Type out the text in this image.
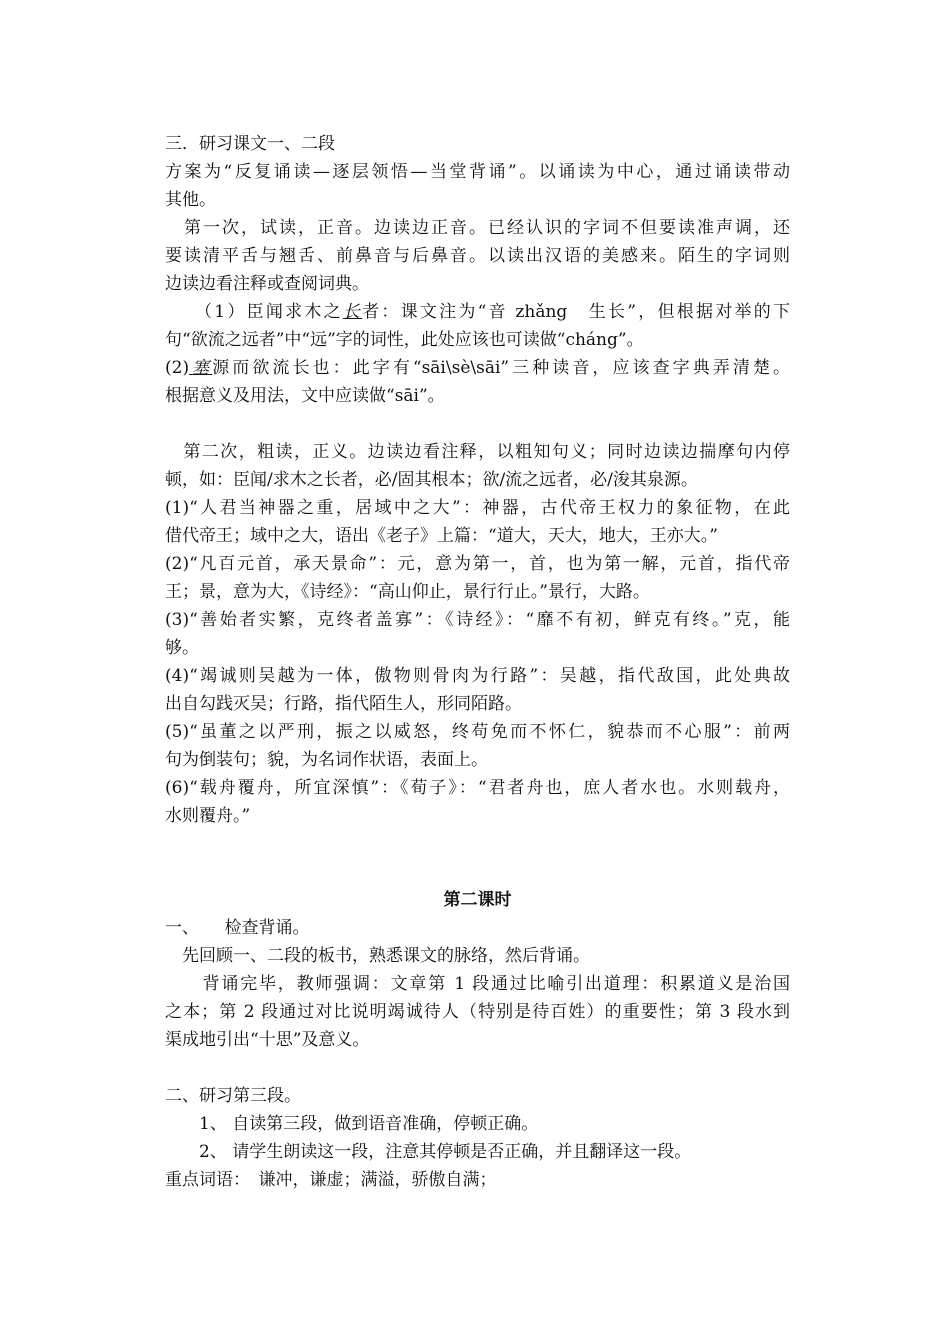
三．研习课文一、二段
方案为“反复诵读—逐层领悟—当堂背诵”。以诵读为中心，通过诵读带动
其他。
　第一次，试读，正音。边读边正音。已经认识的字词不但要读准声调，还
要读清平舌与翘舌、前鼻音与后鼻音。以读出汉语的美感来。陌生的字词则
边读边看注释或查阅词典。
　　（1）臣闻求木之长者：课文注为“音 zhǎng　生长”，但根据对举的下
句“欲流之远者”中“远”字的词性，此处应该也可读做“cháng”。
(2)塞源而欲流长也：此字有“sāi\sè\sāi”三种读音，应该查字典弄清楚。
根据意义及用法，文中应读做“sāi”。
　第二次，粗读，正义。边读边看注释，以粗知句义；同时边读边揣摩句内停
顿，如：臣闻/求木之长者，必/固其根本；欲/流之远者，必/浚其泉源。
(1)“人君当神器之重，居域中之大”：神器，古代帝王权力的象征物，在此
借代帝王；域中之大，语出《老子》上篇：“道大，天大，地大，王亦大。”
(2)“凡百元首，承天景命”：元，意为第一，首，也为第一解，元首，指代帝
王；景，意为大，《诗经》：“高山仰止，景行行止。”景行，大路。
(3)“善始者实繁，克终者盖寡”：《诗经》：“靡不有初，鲜克有终。”克，能
够。
(4)“竭诚则吴越为一体，傲物则骨肉为行路”：吴越，指代敌国，此处典故
出自勾践灭吴；行路，指代陌生人，形同陌路。
(5)“虽董之以严刑，振之以威怒，终苟免而不怀仁，貌恭而不心服”：前两
句为倒装句；貌，为名词作状语，表面上。
(6)“载舟覆舟，所宜深慎”：《荀子》：“君者舟也，庶人者水也。水则载舟，
水则覆舟。”
第二课时
一、　　检查背诵。
　先回顾一、二段的板书，熟悉课文的脉络，然后背诵。
　　背诵完毕，教师强调：文章第 1 段通过比喻引出道理：积累道义是治国
之本；第 2 段通过对比说明竭诚待人（特别是待百姓）的重要性；第 3 段水到
渠成地引出“十思”及意义。
二、研习第三段。
　　1、 自读第三段，做到语音准确，停顿正确。
　　2、 请学生朗读这一段，注意其停顿是否正确，并且翻译这一段。
重点词语：　谦冲，谦虚；满溢，骄傲自满；
